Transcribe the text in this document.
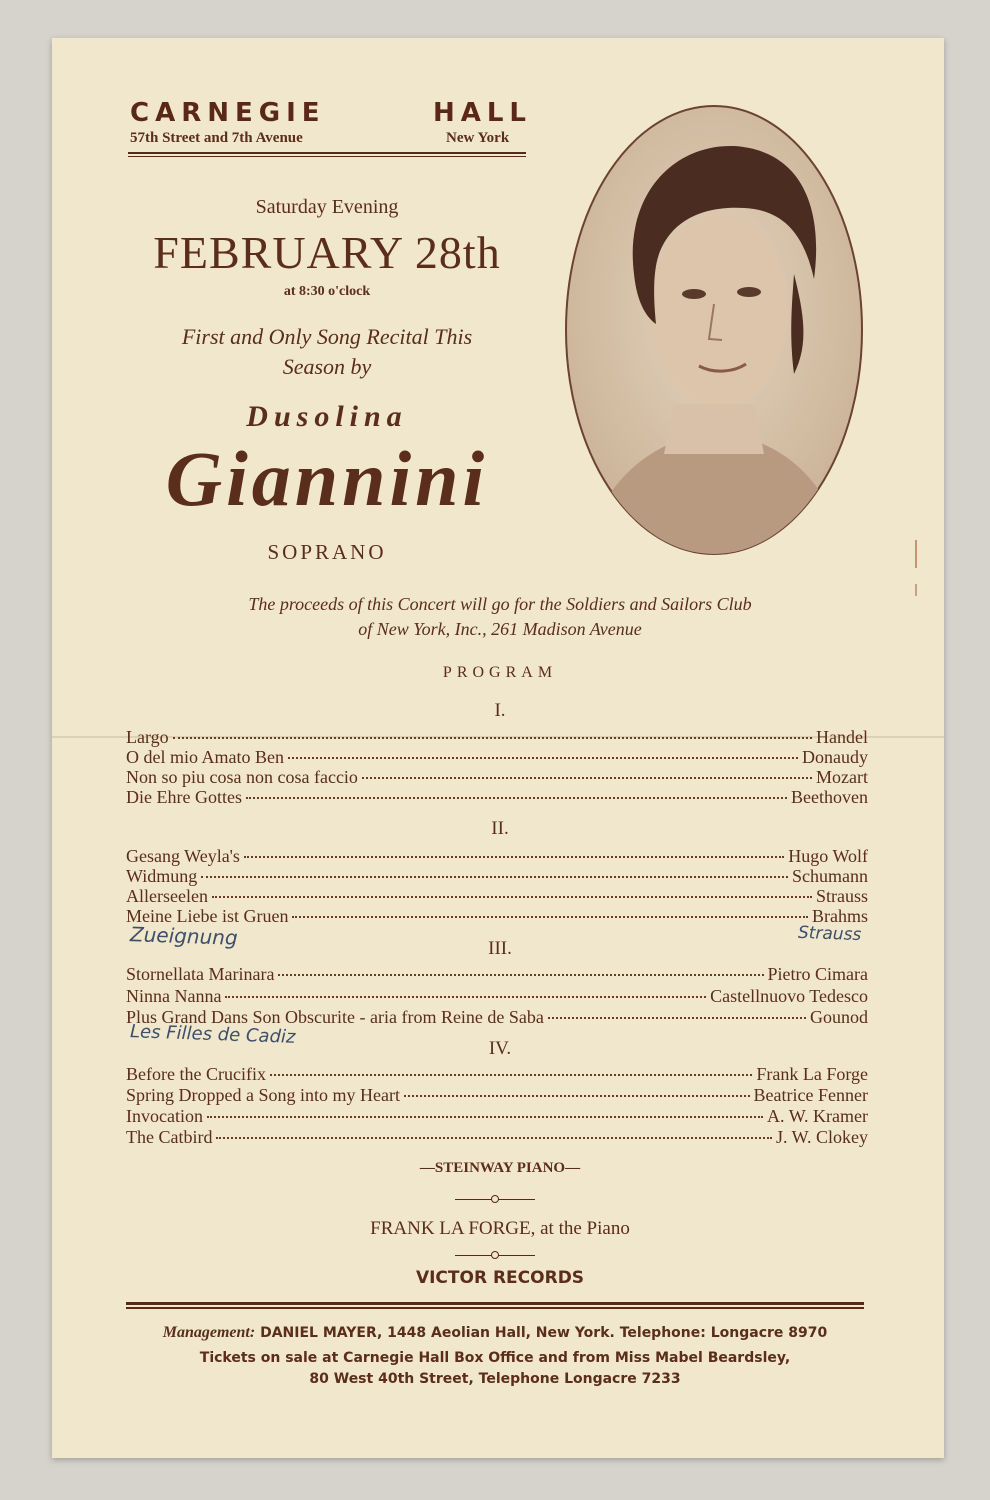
CARNEGIE	HALL
57th Street and 7th Avenue	New York
Saturday Evening
FEBRUARY 28th
at 8:30 o'clock
First and Only Song Recital This
Season by
Dusolina
Giannini
SOPRANO
The proceeds of this Concert will go for the Soldiers and Sailors Club
of New York, Inc., 261 Madison Avenue
PROGRAM
I.
Largo	Handel
O del mio Amato Ben	Donaudy
Non so piu cosa non cosa faccio	Mozart
Die Ehre Gottes	Beethoven
II.
Gesang Weyla's	Hugo Wolf
Widmung	Schumann
Allerseelen	Strauss
Meine Liebe ist Gruen	Brahms
Zueignung	Strauss
III.
Stornellata Marinara	Pietro Cimara
Ninna Nanna	Castellnuovo Tedesco
Plus Grand Dans Son Obscurite - aria from Reine de Saba	Gounod
Les Filles de Cadiz
IV.
Before the Crucifix	Frank La Forge
Spring Dropped a Song into my Heart	Beatrice Fenner
Invocation	A. W. Kramer
The Catbird	J. W. Clokey
—STEINWAY PIANO—
FRANK LA FORGE, at the Piano
VICTOR RECORDS
Management: DANIEL MAYER, 1448 Aeolian Hall, New York. Telephone: Longacre 8970
Tickets on sale at Carnegie Hall Box Office and from Miss Mabel Beardsley,
80 West 40th Street, Telephone Longacre 7233
